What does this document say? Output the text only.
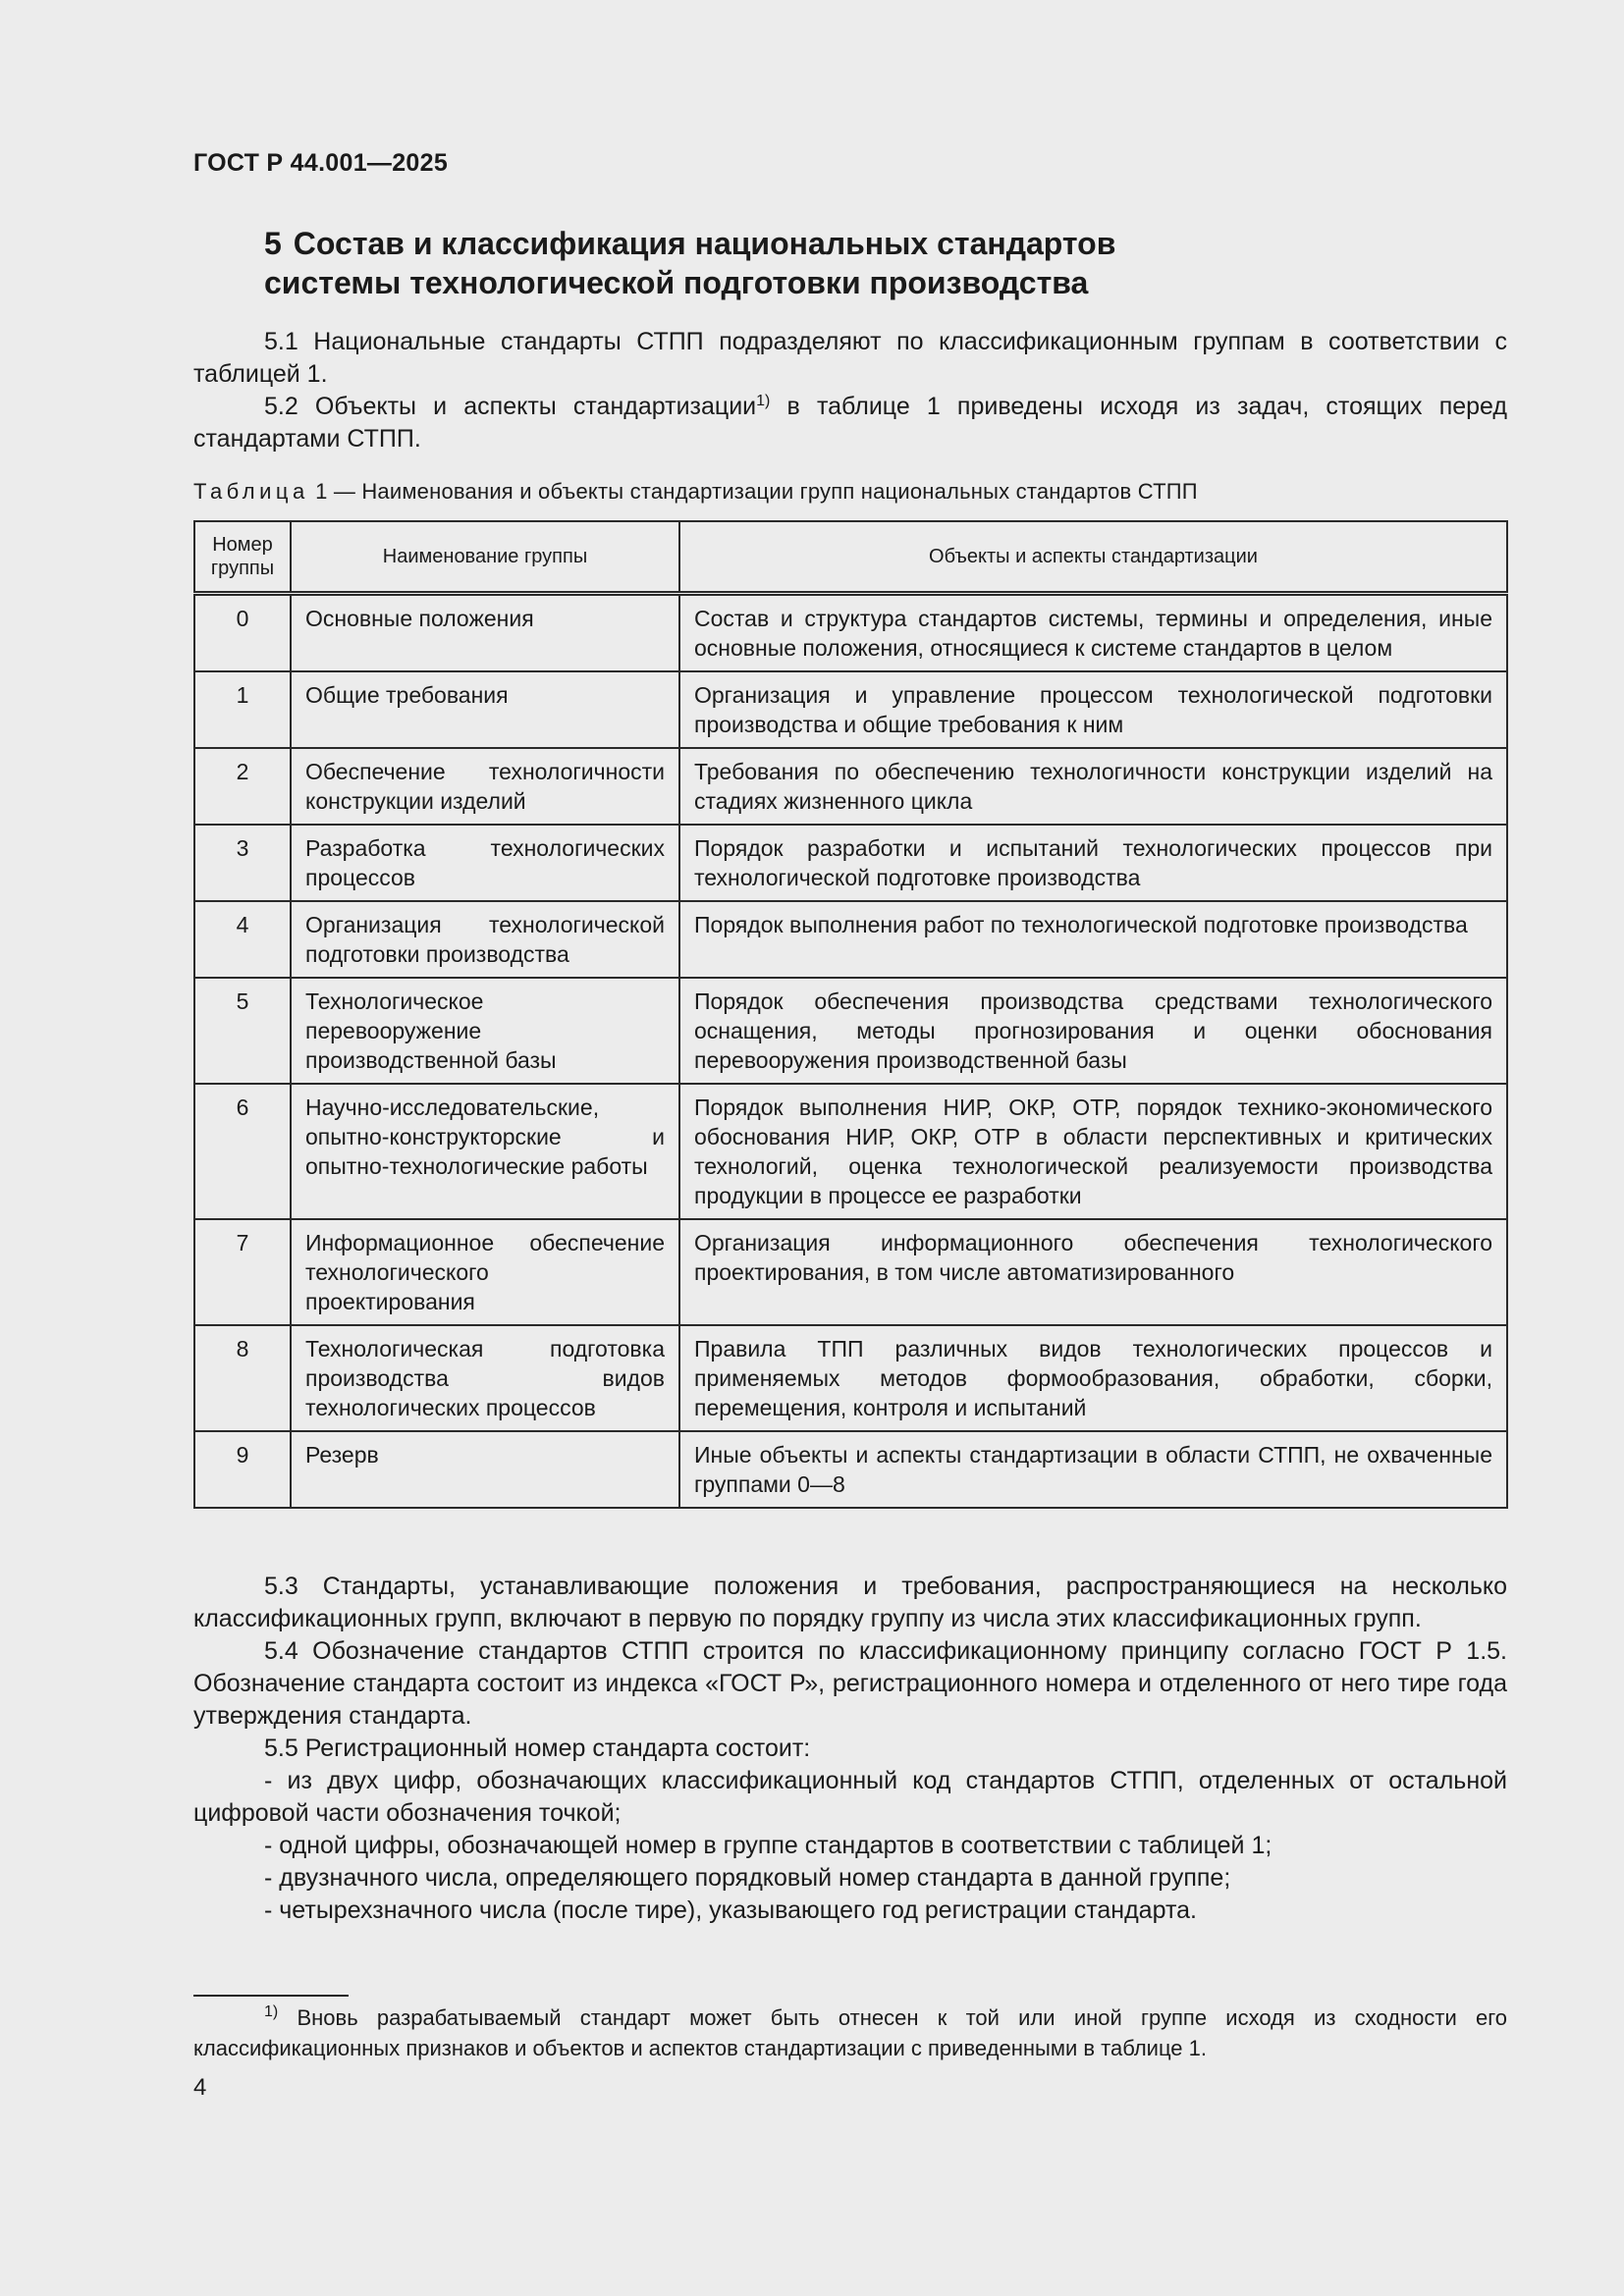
ГОСТ Р 44.001—2025
5 Состав и классификация национальных стандартов
системы технологической подготовки производства

5.1 Национальные стандарты СТПП подразделяют по классификационным группам в соответствии с таблицей 1.

5.2 Объекты и аспекты стандартизации$^{1)}$ в таблице 1 приведены исходя из задач, стоящих перед стандартами СТПП.

Таблица 1 — Наименования и объекты стандартизации групп национальных стандартов СТПП
Номер группы	Наименование группы	Объекты и аспекты стандартизации
0	Основные положения	Состав и структура стандартов системы, термины и определения, иные основные положения, относящиеся к системе стандартов в целом
1	Общие требования	Организация и управление процессом технологической подготовки производства и общие требования к ним
2	Обеспечение технологичности конструкции изделий	Требования по обеспечению технологичности конструкции изделий на стадиях жизненного цикла
3	Разработка технологических процессов	Порядок разработки и испытаний технологических процессов при технологической подготовке производства
4	Организация технологической подготовки производства	Порядок выполнения работ по технологической подготовке производства
5	Технологическое перевооружение производственной базы	Порядок обеспечения производства средствами технологического оснащения, методы прогнозирования и оценки обоснования перевооружения производственной базы
6	Научно-исследовательские, опытно-конструкторские и опытно-технологические работы	Порядок выполнения НИР, ОКР, ОТР, порядок технико-экономического обоснования НИР, ОКР, ОТР в области перспективных и критических технологий, оценка технологической реализуемости производства продукции в процессе ее разработки
7	Информационное обеспечение технологического проектирования	Организация информационного обеспечения технологического проектирования, в том числе автоматизированного
8	Технологическая подготовка производства видов технологических процессов	Правила ТПП различных видов технологических процессов и применяемых методов формообразования, обработки, сборки, перемещения, контроля и испытаний
9	Резерв	Иные объекты и аспекты стандартизации в области СТПП, не охваченные группами 0—8

5.3 Стандарты, устанавливающие положения и требования, распространяющиеся на несколько классификационных групп, включают в первую по порядку группу из числа этих классификационных групп.

5.4 Обозначение стандартов СТПП строится по классификационному принципу согласно ГОСТ Р 1.5. Обозначение стандарта состоит из индекса «ГОСТ Р», регистрационного номера и отделенного от него тире года утверждения стандарта.

5.5 Регистрационный номер стандарта состоит:

- из двух цифр, обозначающих классификационный код стандартов СТПП, отделенных от остальной цифровой части обозначения точкой;

- одной цифры, обозначающей номер в группе стандартов в соответствии с таблицей 1;

- двузначного числа, определяющего порядковый номер стандарта в данной группе;

- четырехзначного числа (после тире), указывающего год регистрации стандарта.

$^{1)}$ Вновь разрабатываемый стандарт может быть отнесен к той или иной группе исходя из сходности его классификационных признаков и объектов и аспектов стандартизации с приведенными в таблице 1.

4
